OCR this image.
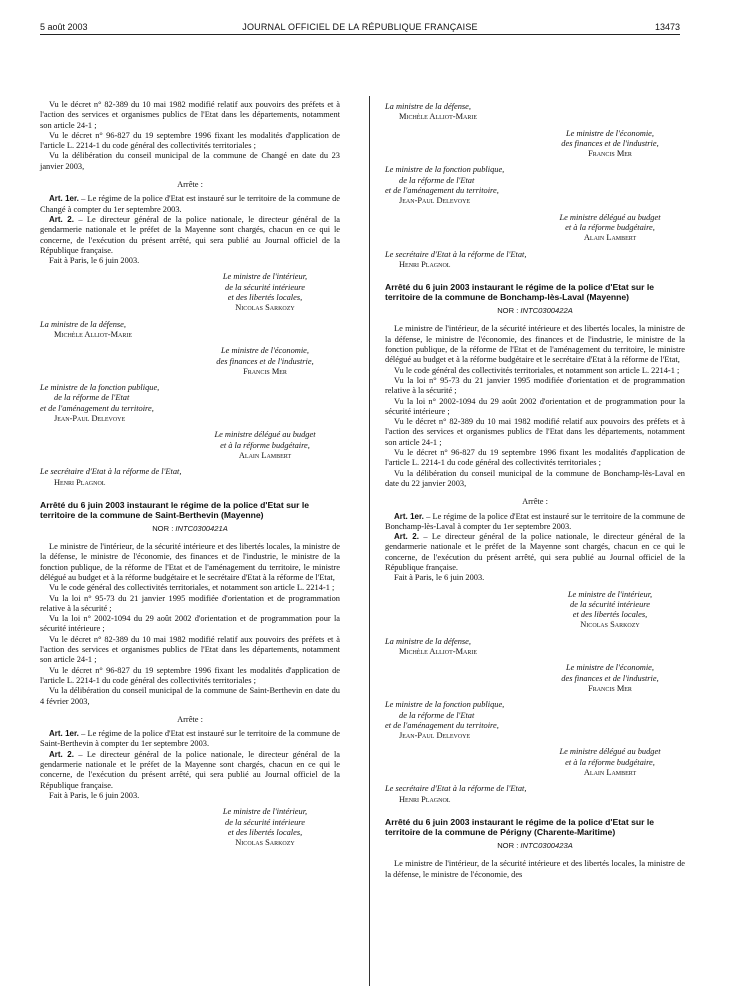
5 août 2003	JOURNAL OFFICIEL DE LA RÉPUBLIQUE FRANÇAISE	13473

Vu le décret n° 82-389 du 10 mai 1982 modifié relatif aux pouvoirs des préfets et à l'action des services et organismes publics de l'Etat dans les départements, notamment son article 24-1 ;

Vu le décret n° 96-827 du 19 septembre 1996 fixant les modalités d'application de l'article L. 2214-1 du code général des collectivités territoriales ;

Vu la délibération du conseil municipal de la commune de Changé en date du 23 janvier 2003,

Arrête :

Art. 1er. – Le régime de la police d'Etat est instauré sur le territoire de la commune de Changé à compter du 1er septembre 2003.

Art. 2. – Le directeur général de la police nationale, le directeur général de la gendarmerie nationale et le préfet de la Mayenne sont chargés, chacun en ce qui le concerne, de l'exécution du présent arrêté, qui sera publié au Journal officiel de la République française.

Fait à Paris, le 6 juin 2003.

Le ministre de l'intérieur,
de la sécurité intérieure
et des libertés locales,
Nicolas Sarkozy
La ministre de la défense,
Michèle Alliot-Marie
Le ministre de l'économie,
des finances et de l'industrie,
Francis Mer
Le ministre de la fonction publique,
de la réforme de l'Etat
et de l'aménagement du territoire,
Jean-Paul Delevoye
Le ministre délégué au budget
et à la réforme budgétaire,
Alain Lambert
Le secrétaire d'Etat à la réforme de l'Etat,
Henri Plagnol

Arrêté du 6 juin 2003 instaurant le régime de la police d'Etat sur le territoire de la commune de Saint-Berthevin (Mayenne)

NOR : INTC0300421A

Le ministre de l'intérieur, de la sécurité intérieure et des libertés locales, la ministre de la défense, le ministre de l'économie, des finances et de l'industrie, le ministre de la fonction publique, de la réforme de l'Etat et de l'aménagement du territoire, le ministre délégué au budget et à la réforme budgétaire et le secrétaire d'Etat à la réforme de l'Etat,

Vu le code général des collectivités territoriales, et notamment son article L. 2214-1 ;

Vu la loi n° 95-73 du 21 janvier 1995 modifiée d'orientation et de programmation relative à la sécurité ;

Vu la loi n° 2002-1094 du 29 août 2002 d'orientation et de programmation pour la sécurité intérieure ;

Vu le décret n° 82-389 du 10 mai 1982 modifié relatif aux pouvoirs des préfets et à l'action des services et organismes publics de l'Etat dans les départements, notamment son article 24-1 ;

Vu le décret n° 96-827 du 19 septembre 1996 fixant les modalités d'application de l'article L. 2214-1 du code général des collectivités territoriales ;

Vu la délibération du conseil municipal de la commune de Saint-Berthevin en date du 4 février 2003,

Arrête :

Art. 1er. – Le régime de la police d'Etat est instauré sur le territoire de la commune de Saint-Berthevin à compter du 1er septembre 2003.

Art. 2. – Le directeur général de la police nationale, le directeur général de la gendarmerie nationale et le préfet de la Mayenne sont chargés, chacun en ce qui le concerne, de l'exécution du présent arrêté, qui sera publié au Journal officiel de la République française.

Fait à Paris, le 6 juin 2003.

Le ministre de l'intérieur,
de la sécurité intérieure
et des libertés locales,
Nicolas Sarkozy
La ministre de la défense,
Michèle Alliot-Marie
Le ministre de l'économie,
des finances et de l'industrie,
Francis Mer
Le ministre de la fonction publique,
de la réforme de l'Etat
et de l'aménagement du territoire,
Jean-Paul Delevoye
Le ministre délégué au budget
et à la réforme budgétaire,
Alain Lambert
Le secrétaire d'Etat à la réforme de l'Etat,
Henri Plagnol

Arrêté du 6 juin 2003 instaurant le régime de la police d'Etat sur le territoire de la commune de Bonchamp-lès-Laval (Mayenne)

NOR : INTC0300422A

Le ministre de l'intérieur, de la sécurité intérieure et des libertés locales, la ministre de la défense, le ministre de l'économie, des finances et de l'industrie, le ministre de la fonction publique, de la réforme de l'Etat et de l'aménagement du territoire, le ministre délégué au budget et à la réforme budgétaire et le secrétaire d'Etat à la réforme de l'Etat,

Vu le code général des collectivités territoriales, et notamment son article L. 2214-1 ;

Vu la loi n° 95-73 du 21 janvier 1995 modifiée d'orientation et de programmation relative à la sécurité ;

Vu la loi n° 2002-1094 du 29 août 2002 d'orientation et de programmation pour la sécurité intérieure ;

Vu le décret n° 82-389 du 10 mai 1982 modifié relatif aux pouvoirs des préfets et à l'action des services et organismes publics de l'Etat dans les départements, notamment son article 24-1 ;

Vu le décret n° 96-827 du 19 septembre 1996 fixant les modalités d'application de l'article L. 2214-1 du code général des collectivités territoriales ;

Vu la délibération du conseil municipal de la commune de Bonchamp-lès-Laval en date du 22 janvier 2003,

Arrête :

Art. 1er. – Le régime de la police d'Etat est instauré sur le territoire de la commune de Bonchamp-lès-Laval à compter du 1er septembre 2003.

Art. 2. – Le directeur général de la police nationale, le directeur général de la gendarmerie nationale et le préfet de la Mayenne sont chargés, chacun en ce qui le concerne, de l'exécution du présent arrêté, qui sera publié au Journal officiel de la République française.

Fait à Paris, le 6 juin 2003.

Le ministre de l'intérieur,
de la sécurité intérieure
et des libertés locales,
Nicolas Sarkozy
La ministre de la défense,
Michèle Alliot-Marie
Le ministre de l'économie,
des finances et de l'industrie,
Francis Mer
Le ministre de la fonction publique,
de la réforme de l'Etat
et de l'aménagement du territoire,
Jean-Paul Delevoye
Le ministre délégué au budget
et à la réforme budgétaire,
Alain Lambert
Le secrétaire d'Etat à la réforme de l'Etat,
Henri Plagnol

Arrêté du 6 juin 2003 instaurant le régime de la police d'Etat sur le territoire de la commune de Périgny (Charente-Maritime)

NOR : INTC0300423A

Le ministre de l'intérieur, de la sécurité intérieure et des libertés locales, la ministre de la défense, le ministre de l'économie, des
